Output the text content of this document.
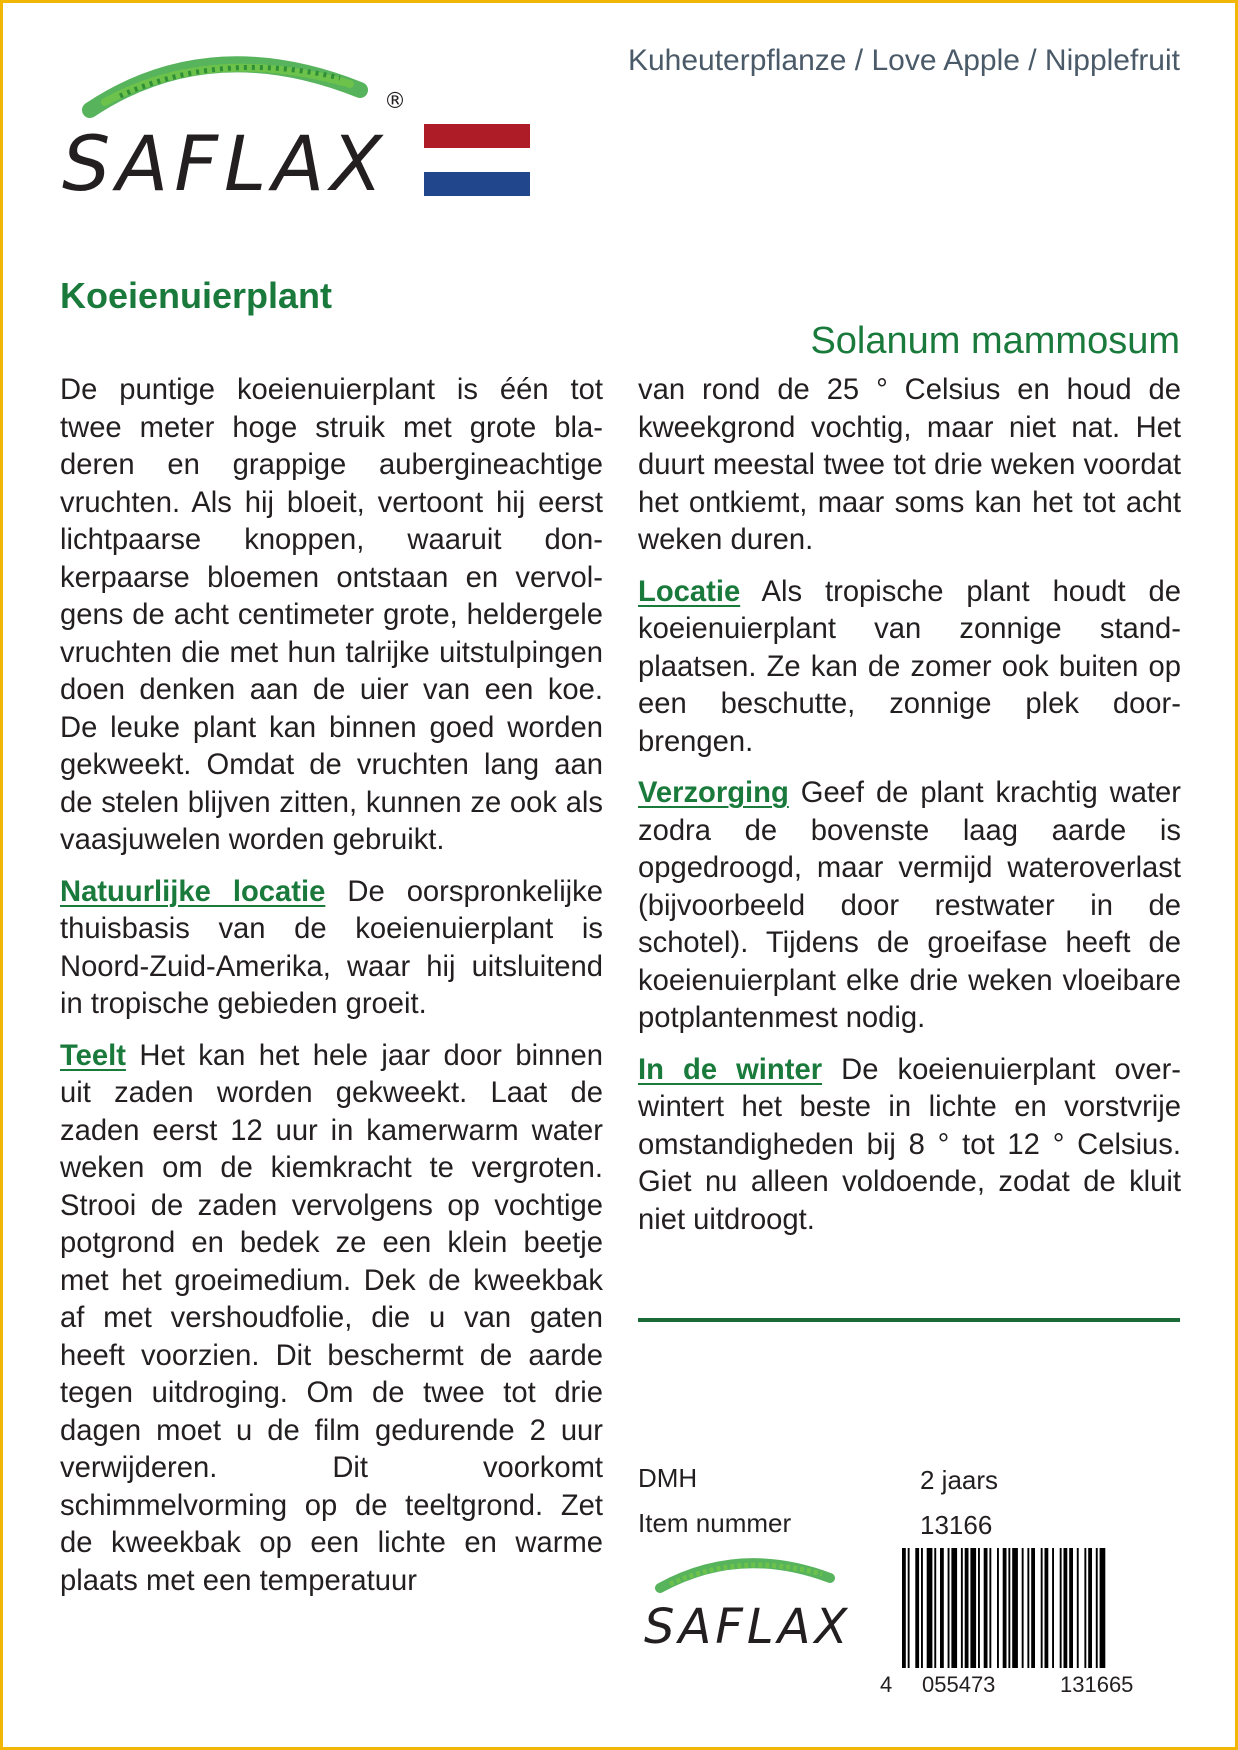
SAFLAX
®
Kuheuterpflanze / Love Apple / Nipplefruit
Koeienuierplant
Solanum mammosum

De puntige koeienuierplant is één tot twee meter hoge struik met grote bladeren en grappige aubergineachtige vruchten. Als hij bloeit, vertoont hij eerst lichtpaarse knoppen, waaruit donkerpaarse bloemen ontstaan en vervolgens de acht centimeter grote, heldergele vruchten die met hun talrijke uitstulpingen doen denken aan de uier van een koe. De leuke plant kan binnen goed worden gekweekt. Omdat de vruchten lang aan de stelen blijven zitten, kunnen ze ook als vaasjuwelen worden gebruikt.

Natuurlijke locatie De oorspronkelijke thuisbasis van de koeienuierplant is Noord-Zuid-Amerika, waar hij uitsluitend in tropische gebieden groeit.

Teelt Het kan het hele jaar door binnen uit zaden worden gekweekt. Laat de zaden eerst 12 uur in kamerwarm water weken om de kiemkracht te vergroten. Strooi de zaden vervolgens op vochtige potgrond en bedek ze een klein beetje met het groeimedium. Dek de kweekbak af met vershoudfolie, die u van gaten heeft voorzien. Dit beschermt de aarde tegen uitdroging. Om de twee tot drie dagen moet u de film gedurende 2 uur verwijderen. Dit voorkomt schimmelvorming op de teeltgrond. Zet de kweekbak op een lichte en warme plaats met een temperatuur

van rond de 25 ° Celsius en houd de kweekgrond vochtig, maar niet nat. Het duurt meestal twee tot drie weken voordat het ontkiemt, maar soms kan het tot acht weken duren.

Locatie Als tropische plant houdt de koeienuierplant van zonnige standplaatsen. Ze kan de zomer ook buiten op een beschutte, zonnige plek doorbrengen.

Verzorging Geef de plant krachtig water zodra de bovenste laag aarde is opgedroogd, maar vermijd wateroverlast (bijvoorbeeld door restwater in de schotel). Tijdens de groeifase heeft de koeienuierplant elke drie weken vloeibare potplantenmest nodig.

In de winter De koeienuierplant overwintert het beste in lichte en vorstvrije omstandigheden bij 8 ° tot 12 ° Celsius. Giet nu alleen voldoende, zodat de kluit niet uitdroogt.

DMH	2 jaars
Item nummer	13166
SAFLAX
4 055473	131665
